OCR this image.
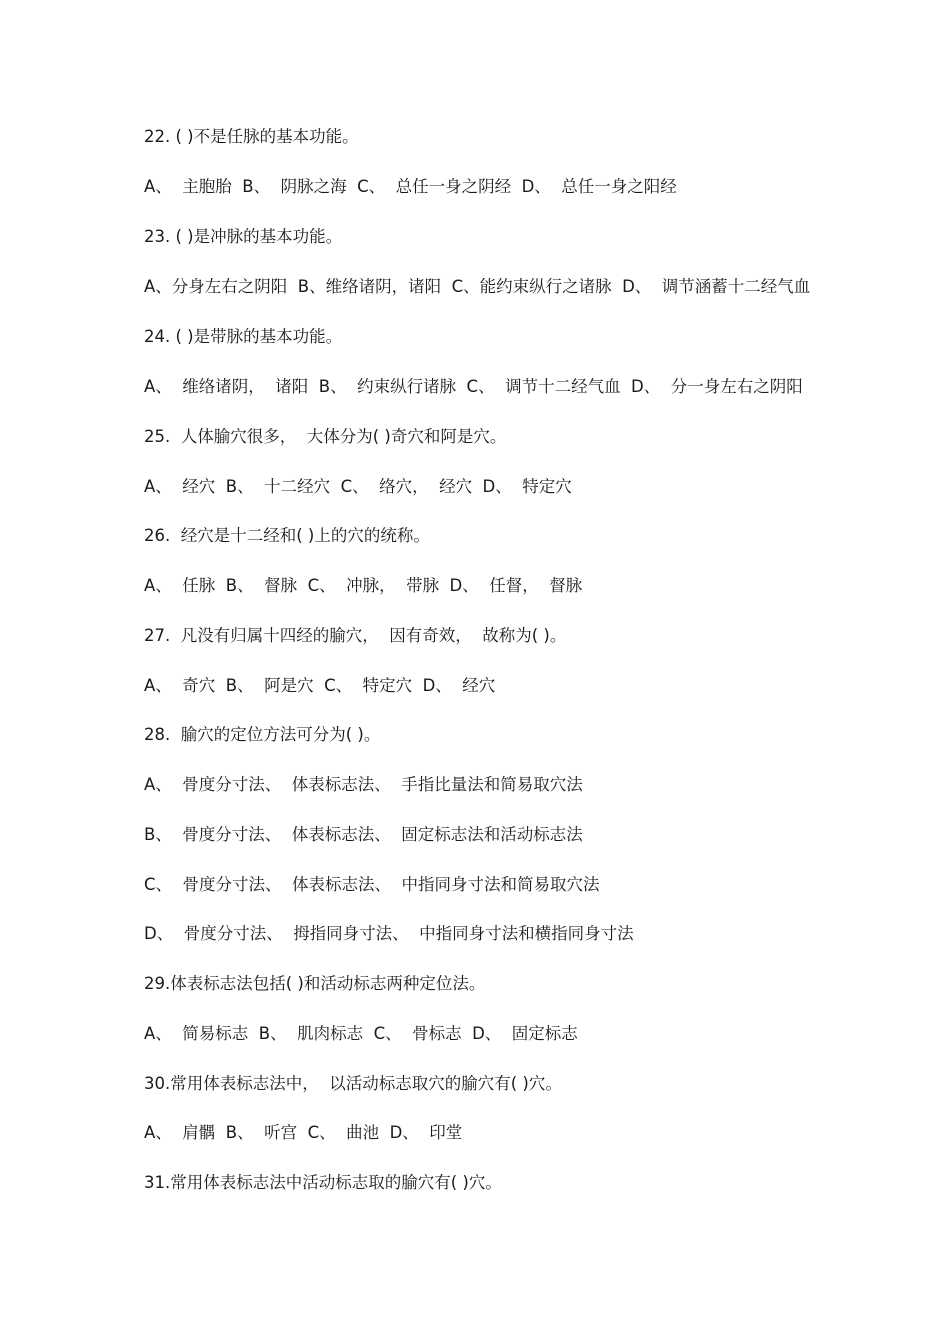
22. ( )不是任脉的基本功能。
A、  主胞胎  B、  阴脉之海  C、  总任一身之阴经  D、  总任一身之阳经
23. ( )是冲脉的基本功能。
A、分身左右之阴阳  B、维络诸阴，诸阳  C、能约束纵行之诸脉  D、  调节涵蓄十二经气血
24. ( )是带脉的基本功能。
A、  维络诸阴，  诸阳  B、  约束纵行诸脉  C、  调节十二经气血  D、  分一身左右之阴阳
25.  人体腧穴很多，  大体分为( )奇穴和阿是穴。
A、  经穴  B、  十二经穴  C、  络穴，  经穴  D、  特定穴
26.  经穴是十二经和( )上的穴的统称。
A、  任脉  B、  督脉  C、  冲脉，  带脉  D、  任督，  督脉
27.  凡没有归属十四经的腧穴，  因有奇效，  故称为( )。
A、  奇穴  B、  阿是穴  C、  特定穴  D、  经穴
28.  腧穴的定位方法可分为( )。
A、  骨度分寸法、  体表标志法、  手指比量法和简易取穴法
B、  骨度分寸法、  体表标志法、  固定标志法和活动标志法
C、  骨度分寸法、  体表标志法、  中指同身寸法和简易取穴法
D、  骨度分寸法、  拇指同身寸法、  中指同身寸法和横指同身寸法
29.体表标志法包括( )和活动标志两种定位法。
A、  简易标志  B、  肌肉标志  C、  骨标志  D、  固定标志
30.常用体表标志法中，  以活动标志取穴的腧穴有( )穴。
A、  肩髃  B、  听宫  C、  曲池  D、  印堂
31.常用体表标志法中活动标志取的腧穴有( )穴。
